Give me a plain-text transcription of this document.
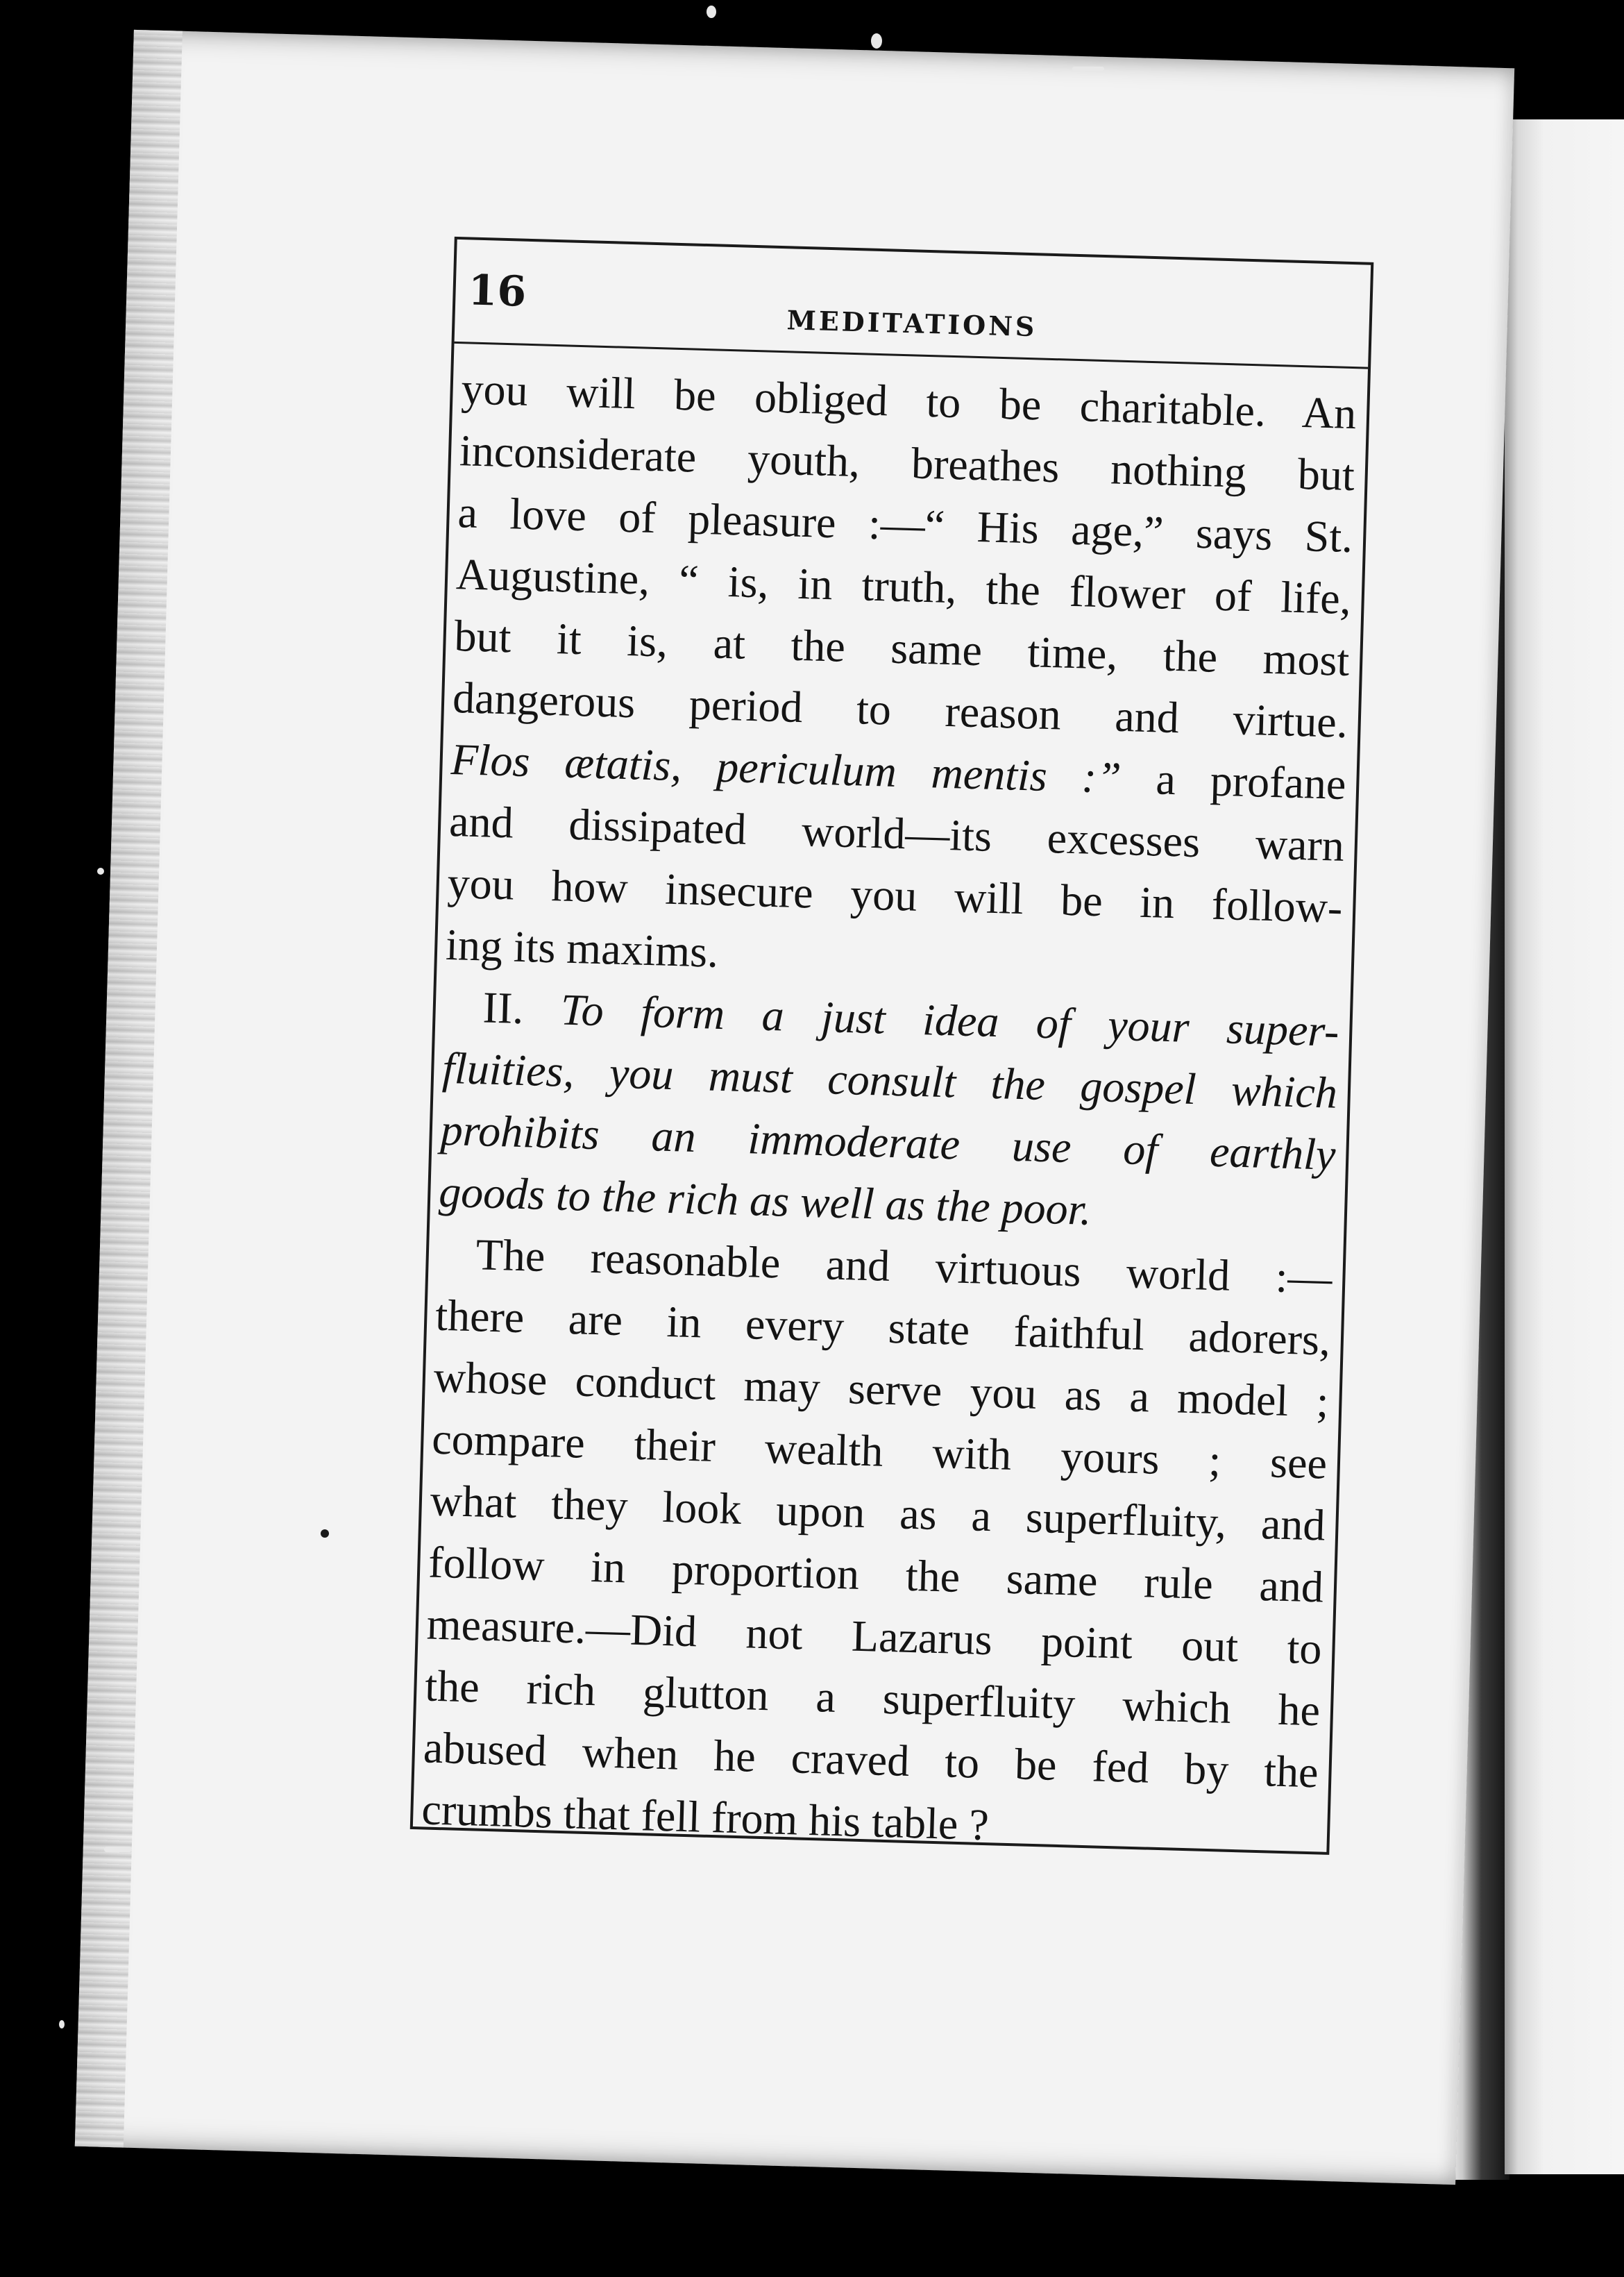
16
MEDITATIONS
you will be obliged to be charitable. An
inconsiderate youth, breathes nothing but
a love of pleasure :—“ His age,” says St.
Augustine, “ is, in truth, the flower of life,
but it is, at the same time, the most
dangerous period to reason and virtue.
Flos ætatis, periculum mentis :” a profane
and dissipated world—its excesses warn
you how insecure you will be in follow-
ing its maxims.
II. To form a just idea of your super-
fluities, you must consult the gospel which
prohibits an immoderate use of earthly
goods to the rich as well as the poor.
The reasonable and virtuous world :—
there are in every state faithful adorers,
whose conduct may serve you as a model ;
compare their wealth with yours ; see
what they look upon as a superfluity, and
follow in proportion the same rule and
measure.—Did not Lazarus point out to
the rich glutton a superfluity which he
abused when he craved to be fed by the
crumbs that fell from his table ?
